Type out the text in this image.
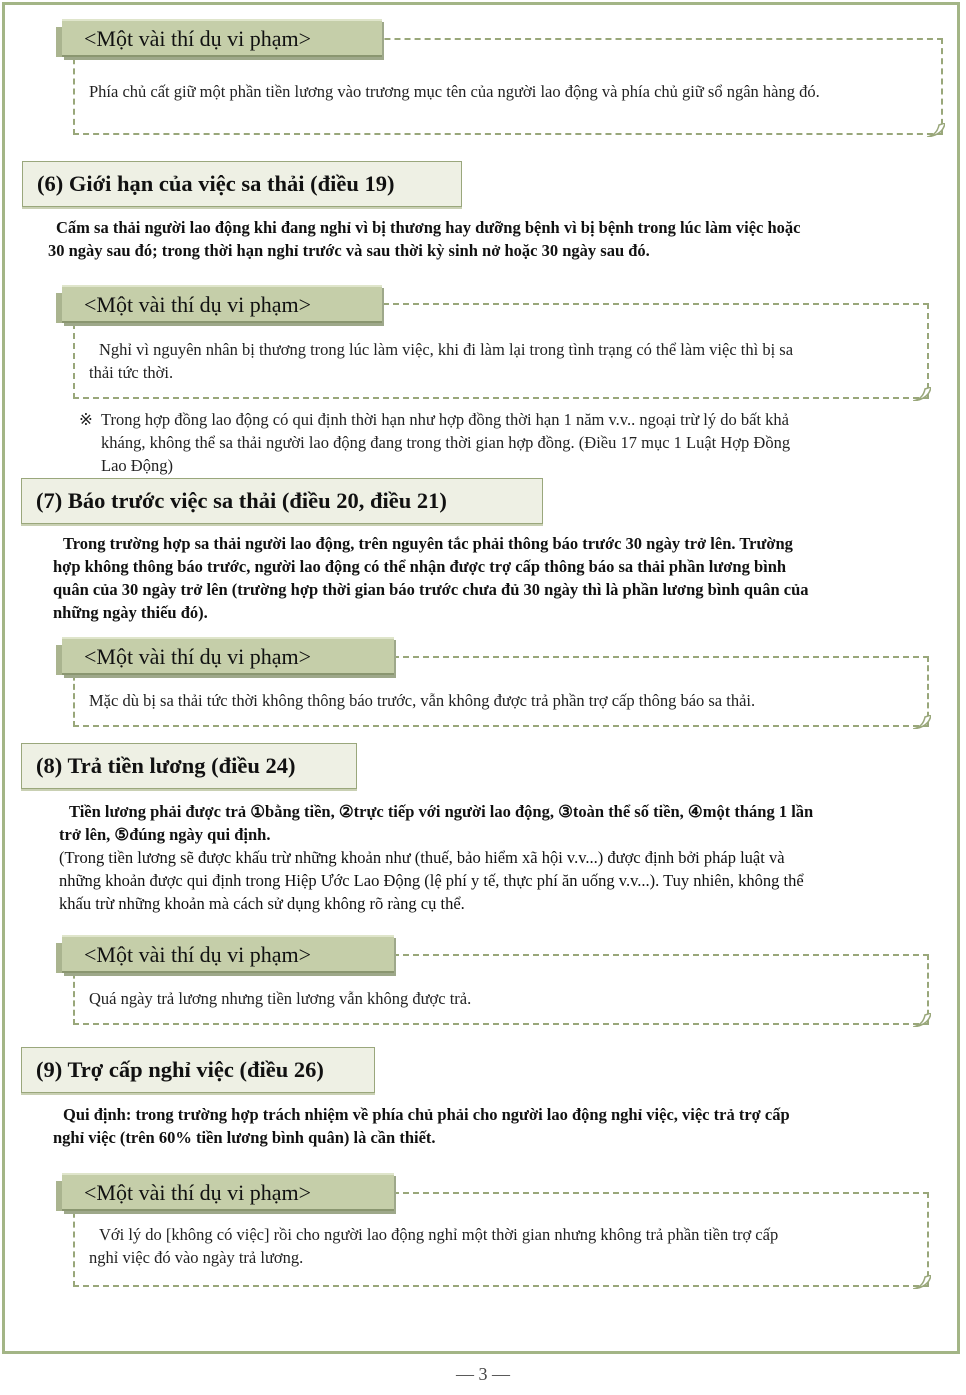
Phía chủ cất giữ một phần tiền lương vào trương mục tên của người lao động và phía chủ giữ sổ ngân hàng đó.
<Một vài thí dụ vi phạm>
(6) Giới hạn của việc sa thải (điều 19)
Cấm sa thải người lao động khi đang nghỉ vì bị thương hay dưỡng bệnh vì bị bệnh trong lúc làm việc hoặc
30 ngày sau đó; trong thời hạn nghỉ trước và sau thời kỳ sinh nở hoặc 30 ngày sau đó.
Nghỉ vì nguyên nhân bị thương trong lúc làm việc, khi đi làm lại trong tình trạng có thể làm việc thì bị sa
thải tức thời.
<Một vài thí dụ vi phạm>
※ Trong hợp đồng lao động có qui định thời hạn như hợp đồng thời hạn 1 năm v.v.. ngoại trừ lý do bất khả
kháng, không thể sa thải người lao động đang trong thời gian hợp đồng. (Điều 17 mục 1 Luật Hợp Đồng
Lao Động)
(7) Báo trước việc sa thải (điều 20, điều 21)
Trong trường hợp sa thải người lao động, trên nguyên tắc phải thông báo trước 30 ngày trở lên. Trường
hợp không thông báo trước, người lao động có thể nhận được trợ cấp thông báo sa thải phần lương bình
quân của 30 ngày trở lên (trường hợp thời gian báo trước chưa đủ 30 ngày thì là phần lương bình quân của
những ngày thiếu đó).
Mặc dù bị sa thải tức thời không thông báo trước, vẫn không được trả phần trợ cấp thông báo sa thải.
<Một vài thí dụ vi phạm>
(8) Trả tiền lương (điều 24)
Tiền lương phải được trả ①bằng tiền, ②trực tiếp với người lao động, ③toàn thể số tiền, ④một tháng 1 lần
trở lên, ⑤đúng ngày qui định.
(Trong tiền lương sẽ được khấu trừ những khoản như (thuế, bảo hiểm xã hội v.v...) được định bởi pháp luật và
những khoản được qui định trong Hiệp Ước Lao Động (lệ phí y tế, thực phí ăn uống v.v...). Tuy nhiên, không thể
khấu trừ những khoản mà cách sử dụng không rõ ràng cụ thể.
Quá ngày trả lương nhưng tiền lương vẫn không được trả.
<Một vài thí dụ vi phạm>
(9) Trợ cấp nghỉ việc (điều 26)
Qui định: trong trường hợp trách nhiệm về phía chủ phải cho người lao động nghỉ việc, việc trả trợ cấp
nghỉ việc (trên 60% tiền lương bình quân) là cần thiết.
Với lý do [không có việc] rồi cho người lao động nghỉ một thời gian nhưng không trả phần tiền trợ cấp
nghỉ việc đó vào ngày trả lương.
<Một vài thí dụ vi phạm>
— 3 —
